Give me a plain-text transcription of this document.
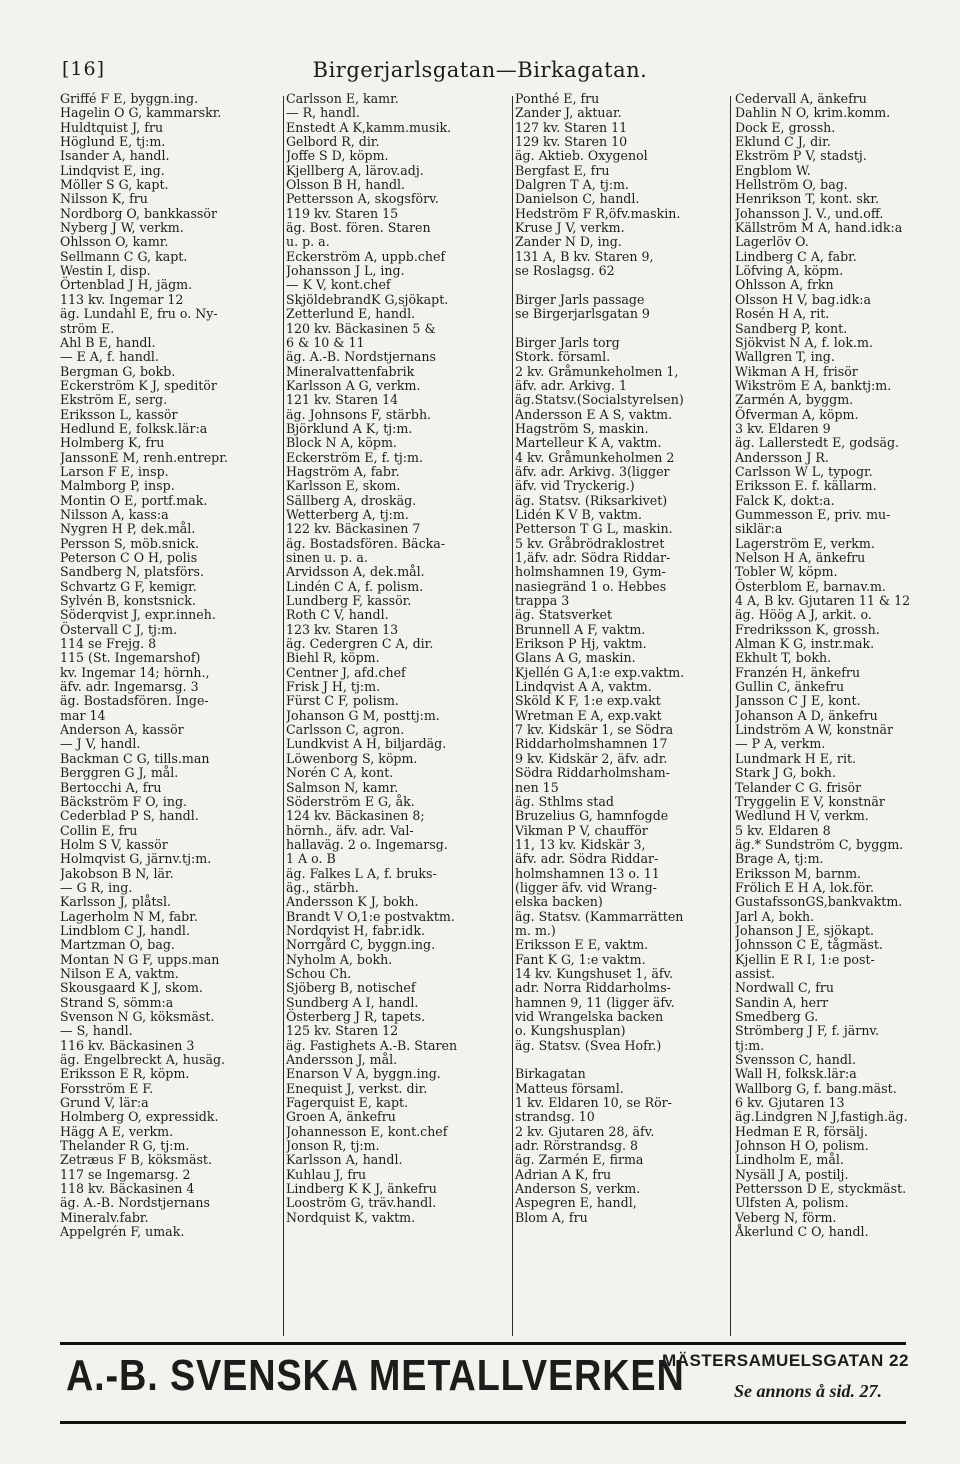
[16]	Birgerjarlsgatan—Birkagatan.
Griffé F E, byggn.ing.
Hagelin O G, kammarskr.
Huldtquist J, fru
Höglund E, tj:m.
Isander A, handl.
Lindqvist E, ing.
Möller S G, kapt.
Nilsson K, fru
Nordborg O, bankkassör
Nyberg J W, verkm.
Ohlsson O, kamr.
Sellmann C G, kapt.
Westin I, disp.
Örtenblad J H, jägm.
113 kv. Ingemar 12
äg. Lundahl E, fru o. Ny-
ström E.
Ahl B E, handl.
— E A, f. handl.
Bergman G, bokb.
Eckerström K J, speditör
Ekström E, serg.
Eriksson L, kassör
Hedlund E, folksk.lär:a
Holmberg K, fru
JanssonE M, renh.entrepr.
Larson F E, insp.
Malmborg P, insp.
Montin O E, portf.mak.
Nilsson A, kass:a
Nygren H P, dek.mål.
Persson S, möb.snick.
Peterson C O H, polis
Sandberg N, platsförs.
Schvartz G F, kemigr.
Sylvén B, konstsnick.
Söderqvist J, expr.inneh.
Östervall C J, tj:m.
114 se Frejg. 8
115 (St. Ingemarshof)
kv. Ingemar 14; hörnh.,
äfv. adr. Ingemarsg. 3
äg. Bostadsfören. Inge-
mar 14
Anderson A, kassör
— J V, handl.
Backman C G, tills.man
Berggren G J, mål.
Bertocchi A, fru
Bäckström F O, ing.
Cederblad P S, handl.
Collin E, fru
Holm S V, kassör
Holmqvist G, järnv.tj:m.
Jakobson B N, lär.
— G R, ing.
Karlsson J, plåtsl.
Lagerholm N M, fabr.
Lindblom C J, handl.
Martzman O, bag.
Montan N G F, upps.man
Nilson E A, vaktm.
Skousgaard K J, skom.
Strand S, sömm:a
Svenson N G, köksmäst.
— S, handl.
116 kv. Bäckasinen 3
äg. Engelbreckt A, husäg.
Eriksson E R, köpm.
Forsström E F.
Grund V, lär:a
Holmberg O, expressidk.
Hägg A E, verkm.
Thelander R G, tj:m.
Zetræus F B, köksmäst.
117 se Ingemarsg. 2
118 kv. Bäckasinen 4
äg. A.-B. Nordstjernans
Mineralv.fabr.
Appelgrén F, umak.
Carlsson E, kamr.
— R, handl.
Enstedt A K,kamm.musik.
Gelbord R, dir.
Joffe S D, köpm.
Kjellberg A, lärov.adj.
Olsson B H, handl.
Pettersson A, skogsförv.
119 kv. Staren 15
äg. Bost. fören. Staren
u. p. a.
Eckerström A, uppb.chef
Johansson J L, ing.
— K V, kont.chef
SkjöldebrandK G,sjökapt.
Zetterlund E, handl.
120 kv. Bäckasinen 5 &
6 & 10 & 11
äg. A.-B. Nordstjernans
Mineralvattenfabrik
Karlsson A G, verkm.
121 kv. Staren 14
äg. Johnsons F, stärbh.
Björklund A K, tj:m.
Block N A, köpm.
Eckerström E, f. tj:m.
Hagström A, fabr.
Karlsson E, skom.
Sällberg A, droskäg.
Wetterberg A, tj:m.
122 kv. Bäckasinen 7
äg. Bostadsfören. Bäcka-
sinen u. p. a.
Arvidsson A, dek.mål.
Lindén C A, f. polism.
Lundberg F, kassör.
Roth C V, handl.
123 kv. Staren 13
äg. Cedergren C A, dir.
Biehl R, köpm.
Centner J, afd.chef
Frisk J H, tj:m.
Fürst C F, polism.
Johanson G M, posttj:m.
Carlsson C, agron.
Lundkvist A H, biljardäg.
Löwenborg S, köpm.
Norén C A, kont.
Salmson N, kamr.
Söderström E G, åk.
124 kv. Bäckasinen 8;
hörnh., äfv. adr. Val-
hallaväg. 2 o. Ingemarsg.
1 A o. B
äg. Falkes L A, f. bruks-
äg., stärbh.
Andersson K J, bokh.
Brandt V O,1:e postvaktm.
Nordqvist H, fabr.idk.
Norrgård C, byggn.ing.
Nyholm A, bokh.
Schou Ch.
Sjöberg B, notischef
Sundberg A I, handl.
Österberg J R, tapets.
125 kv. Staren 12
äg. Fastighets A.-B. Staren
Andersson J, mål.
Enarson V A, byggn.ing.
Enequist J, verkst. dir.
Fagerquist E, kapt.
Groen A, änkefru
Johannesson E, kont.chef
Jonson R, tj:m.
Karlsson A, handl.
Kuhlau J, fru
Lindberg K K J, änkefru
Looström G, träv.handl.
Nordquist K, vaktm.
Ponthé E, fru
Zander J, aktuar.
127 kv. Staren 11
129 kv. Staren 10
äg. Aktieb. Oxygenol
Bergfast E, fru
Dalgren T A, tj:m.
Danielson C, handl.
Hedström F R,öfv.maskin.
Kruse J V, verkm.
Zander N D, ing.
131 A, B kv. Staren 9,
se Roslagsg. 62
Birger Jarls passage
se Birgerjarlsgatan 9
Birger Jarls torg
Stork. församl.
2 kv. Gråmunkeholmen 1,
äfv. adr. Arkivg. 1
äg.Statsv.(Socialstyrelsen)
Andersson E A S, vaktm.
Hagström S, maskin.
Martelleur K A, vaktm.
4 kv. Gråmunkeholmen 2
äfv. adr. Arkivg. 3(ligger
äfv. vid Tryckerig.)
äg. Statsv. (Riksarkivet)
Lidén K V B, vaktm.
Petterson T G L, maskin.
5 kv. Gråbrödraklostret
1,äfv. adr. Södra Riddar-
holmshamnen 19, Gym-
nasiegränd 1 o. Hebbes
trappa 3
äg. Statsverket
Brunnell A F, vaktm.
Erikson P Hj, vaktm.
Glans A G, maskin.
Kjellén G A,1:e exp.vaktm.
Lindqvist A A, vaktm.
Sköld K F, 1:e exp.vakt
Wretman E A, exp.vakt
7 kv. Kidskär 1, se Södra
Riddarholmshamnen 17
9 kv. Kidskär 2, äfv. adr.
Södra Riddarholmsham-
nen 15
äg. Sthlms stad
Bruzelius G, hamnfogde
Vikman P V, chaufför
11, 13 kv. Kidskär 3,
äfv. adr. Södra Riddar-
holmshamnen 13 o. 11
(ligger äfv. vid Wrang-
elska backen)
äg. Statsv. (Kammarrätten
m. m.)
Eriksson E E, vaktm.
Fant K G, 1:e vaktm.
14 kv. Kungshuset 1, äfv.
adr. Norra Riddarholms-
hamnen 9, 11 (ligger äfv.
vid Wrangelska backen
o. Kungshusplan)
äg. Statsv. (Svea Hofr.)
Birkagatan
Matteus församl.
1 kv. Eldaren 10, se Rör-
strandsg. 10
2 kv. Gjutaren 28, äfv.
adr. Rörstrandsg. 8
äg. Zarmén E, firma
Adrian A K, fru
Anderson S, verkm.
Aspegren E, handl,
Blom A, fru
Cedervall A, änkefru
Dahlin N O, krim.komm.
Dock E, grossh.
Eklund C J, dir.
Ekström P V, stadstj.
Engblom W.
Hellström O, bag.
Henrikson T, kont. skr.
Johansson J. V., und.off.
Källström M A, hand.idk:a
Lagerlöv O.
Lindberg C A, fabr.
Löfving A, köpm.
Ohlsson A, frkn
Olsson H V, bag.idk:a
Rosén H A, rit.
Sandberg P, kont.
Sjökvist N A, f. lok.m.
Wallgren T, ing.
Wikman A H, frisör
Wikström E A, banktj:m.
Zarmén A, byggm.
Öfverman A, köpm.
3 kv. Eldaren 9
äg. Lallerstedt E, godsäg.
Andersson J R.
Carlsson W L, typogr.
Eriksson E. f. källarm.
Falck K, dokt:a.
Gummesson E, priv. mu-
siklär:a
Lagerström E, verkm.
Nelson H A, änkefru
Tobler W, köpm.
Österblom E, barnav.m.
4 A, B kv. Gjutaren 11 & 12
äg. Höög A J, arkit. o.
Fredriksson K, grossh.
Alman K G, instr.mak.
Ekhult T, bokh.
Franzén H, änkefru
Gullin C, änkefru
Jansson C J E, kont.
Johanson A D, änkefru
Lindström A W, konstnär
— P A, verkm.
Lundmark H E, rit.
Stark J G, bokh.
Telander C G. frisör
Tryggelin E V, konstnär
Wedlund H V, verkm.
5 kv. Eldaren 8
äg.* Sundström C, byggm.
Brage A, tj:m.
Eriksson M, barnm.
Frölich E H A, lok.för.
GustafssonGS,bankvaktm.
Jarl A, bokh.
Johanson J E, sjökapt.
Johnsson C E, tågmäst.
Kjellin E R I, 1:e post-
assist.
Nordwall C, fru
Sandin A, herr
Smedberg G.
Strömberg J F, f. järnv.
tj:m.
Svensson C, handl.
Wall H, folksk.lär:a
Wallborg G, f. bang.mäst.
6 kv. Gjutaren 13
äg.Lindgren N J,fastigh.äg.
Hedman E R, försälj.
Johnson H O, polism.
Lindholm E, mål.
Nysäll J A, postilj.
Pettersson D E, styckmäst.
Ulfsten A, polism.
Veberg N, förm.
Åkerlund C O, handl.
A.-B. SVENSKA METALLVERKEN
MÄSTERSAMUELSGATAN 22
Se annons å sid. 27.
